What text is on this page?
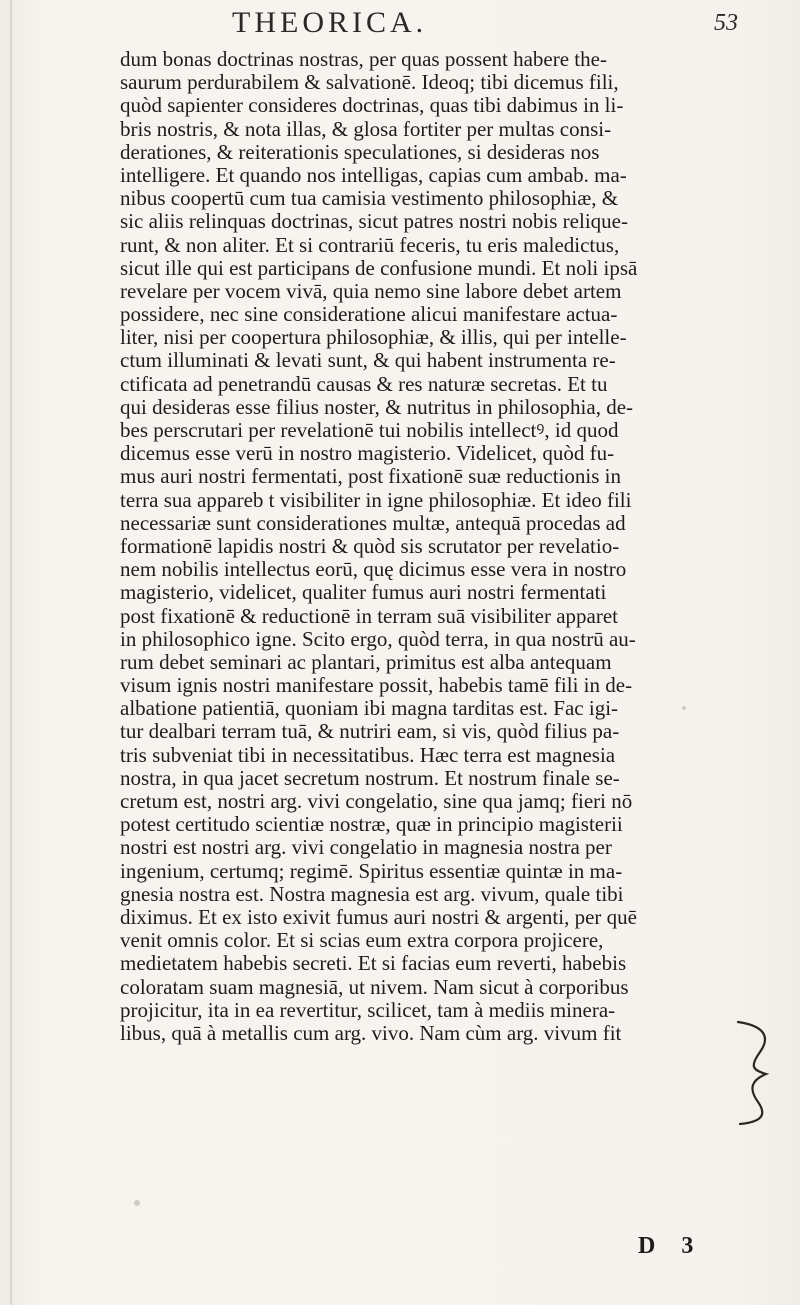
THEORICA.	53
dum bonas doctrinas nostras, per quas possent habere the-
saurum perdurabilem & salvationē. Ideoq; tibi dicemus fili,
quòd sapienter consideres doctrinas, quas tibi dabimus in li-
bris nostris, & nota illas, & glosa fortiter per multas consi-
derationes, & reiterationis speculationes, si desideras nos
intelligere. Et quando nos intelligas, capias cum ambab. ma-
nibus coopertū cum tua camisia vestimento philosophiæ, &
sic aliis relinquas doctrinas, sicut patres nostri nobis relique-
runt, & non aliter. Et si contrariū feceris, tu eris maledictus,
sicut ille qui est participans de confusione mundi. Et noli ipsā
revelare per vocem vivā, quia nemo sine labore debet artem
possidere, nec sine consideratione alicui manifestare actua-
liter, nisi per coopertura philosophiæ, & illis, qui per intelle-
ctum illuminati & levati sunt, & qui habent instrumenta re-
ctificata ad penetrandū causas & res naturæ secretas. Et tu
qui desideras esse filius noster, & nutritus in philosophia, de-
bes perscrutari per revelationē tui nobilis intellectꝰ, id quod
dicemus esse verū in nostro magisterio. Videlicet, quòd fu-
mus auri nostri fermentati, post fixationē suæ reductionis in
terra sua appareb t visibiliter in igne philosophiæ. Et ideo fili
necessariæ sunt considerationes multæ, antequā procedas ad
formationē lapidis nostri & quòd sis scrutator per revelatio-
nem nobilis intellectus eorū, quę dicimus esse vera in nostro
magisterio, videlicet, qualiter fumus auri nostri fermentati
post fixationē & reductionē in terram suā visibiliter apparet
in philosophico igne. Scito ergo, quòd terra, in qua nostrū au-
rum debet seminari ac plantari, primitus est alba antequam
visum ignis nostri manifestare possit, habebis tamē fili in de-
albatione patientiā, quoniam ibi magna tarditas est. Fac igi-
tur dealbari terram tuā, & nutriri eam, si vis, quòd filius pa-
tris subveniat tibi in necessitatibus. Hæc terra est magnesia
nostra, in qua jacet secretum nostrum. Et nostrum finale se-
cretum est, nostri arg. vivi congelatio, sine qua jamq; fieri nō
potest certitudo scientiæ nostræ, quæ in principio magisterii
nostri est nostri arg. vivi congelatio in magnesia nostra per
ingenium, certumq; regimē. Spiritus essentiæ quintæ in ma-
gnesia nostra est. Nostra magnesia est arg. vivum, quale tibi
diximus. Et ex isto exivit fumus auri nostri & argenti, per quē
venit omnis color. Et si scias eum extra corpora projicere,
medietatem habebis secreti. Et si facias eum reverti, habebis
coloratam suam magnesiā, ut nivem. Nam sicut à corporibus
projicitur, ita in ea revertitur, scilicet, tam à mediis minera-
libus, quā à metallis cum arg. vivo. Nam cùm arg. vivum fit
D 3
